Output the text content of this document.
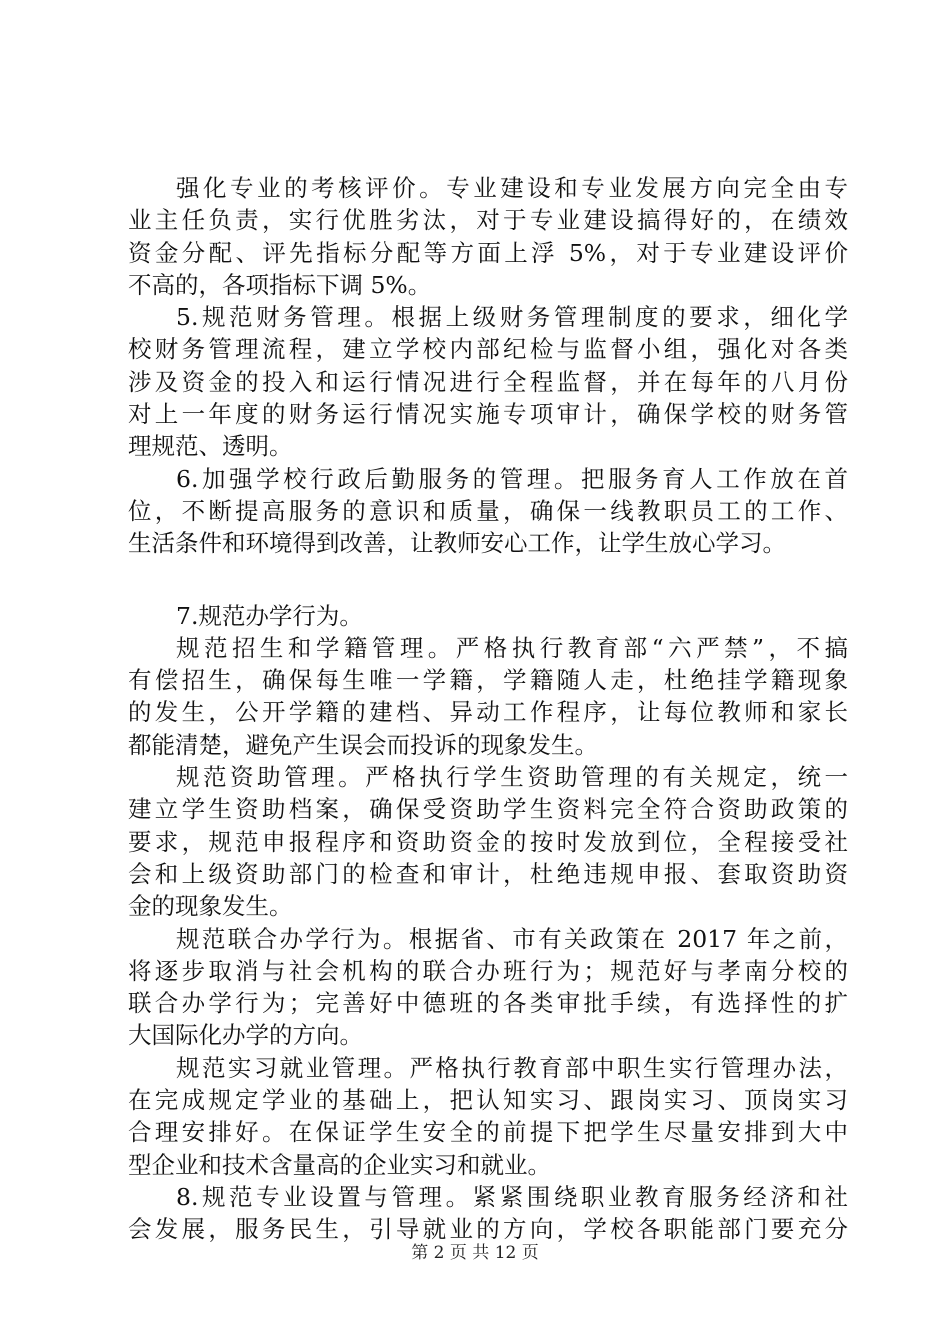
强化专业的考核评价。专业建设和专业发展方向完全由专
业主任负责，实行优胜劣汰，对于专业建设搞得好的，在绩效
资金分配、评先指标分配等方面上浮 5%，对于专业建设评价
不高的，各项指标下调 5%。
5.规范财务管理。根据上级财务管理制度的要求，细化学
校财务管理流程，建立学校内部纪检与监督小组，强化对各类
涉及资金的投入和运行情况进行全程监督，并在每年的八月份
对上一年度的财务运行情况实施专项审计，确保学校的财务管
理规范、透明。
6.加强学校行政后勤服务的管理。把服务育人工作放在首
位，不断提高服务的意识和质量，确保一线教职员工的工作、
生活条件和环境得到改善，让教师安心工作，让学生放心学习。
7.规范办学行为。
规范招生和学籍管理。严格执行教育部“六严禁”，不搞
有偿招生，确保每生唯一学籍，学籍随人走，杜绝挂学籍现象
的发生，公开学籍的建档、异动工作程序，让每位教师和家长
都能清楚，避免产生误会而投诉的现象发生。
规范资助管理。严格执行学生资助管理的有关规定，统一
建立学生资助档案，确保受资助学生资料完全符合资助政策的
要求，规范申报程序和资助资金的按时发放到位，全程接受社
会和上级资助部门的检查和审计，杜绝违规申报、套取资助资
金的现象发生。
规范联合办学行为。根据省、市有关政策在 2017 年之前，
将逐步取消与社会机构的联合办班行为；规范好与孝南分校的
联合办学行为；完善好中德班的各类审批手续，有选择性的扩
大国际化办学的方向。
规范实习就业管理。严格执行教育部中职生实行管理办法，
在完成规定学业的基础上，把认知实习、跟岗实习、顶岗实习
合理安排好。在保证学生安全的前提下把学生尽量安排到大中
型企业和技术含量高的企业实习和就业。
8.规范专业设置与管理。紧紧围绕职业教育服务经济和社
会发展，服务民生，引导就业的方向，学校各职能部门要充分
第 2 页 共 12 页
